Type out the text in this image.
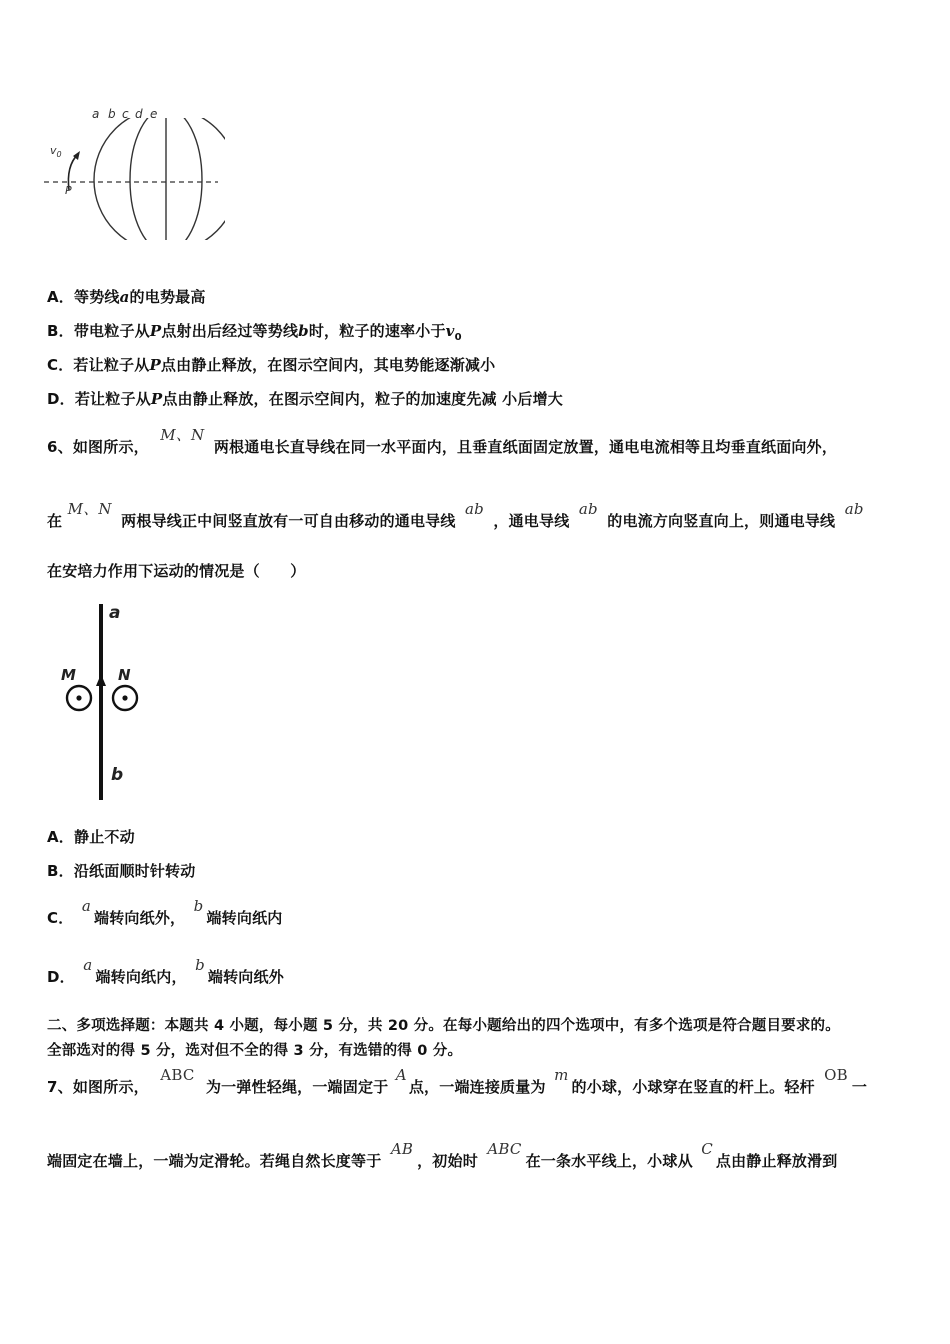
a b c d e
$v_0$
P
A．等势线a的电势最高
B．带电粒子从P点射出后经过等势线b时，粒子的速率小于$v_0$
C．若让粒子从P点由静止释放，在图示空间内，其电势能逐渐减小
D．若让粒子从P点由静止释放，在图示空间内，粒子的加速度先减 小后增大
6、如图所示， M、N 两根通电长直导线在同一水平面内，且垂直纸面固定放置，通电电流相等且均垂直纸面向外，
在 M、N 两根导线正中间竖直放有一可自由移动的通电导线 ab ，通电导线 ab 的电流方向竖直向上，则通电导线 ab
在安培力作用下运动的情况是（　　）
a
b
M	N
A．静止不动
B．沿纸面顺时针转动
C． a端转向纸外， b端转向纸内
D． a端转向纸内， b端转向纸外
二、多项选择题：本题共 4 小题，每小题 5 分，共 20 分。在每小题给出的四个选项中，有多个选项是符合题目要求的。
全部选对的得 5 分，选对但不全的得 3 分，有选错的得 0 分。
7、如图所示， ABC 为一弹性轻绳，一端固定于 A点，一端连接质量为 m的小球，小球穿在竖直的杆上。轻杆 OB一
端固定在墙上，一端为定滑轮。若绳自然长度等于 AB，初始时 ABC在一条水平线上，小球从 C点由静止释放滑到
